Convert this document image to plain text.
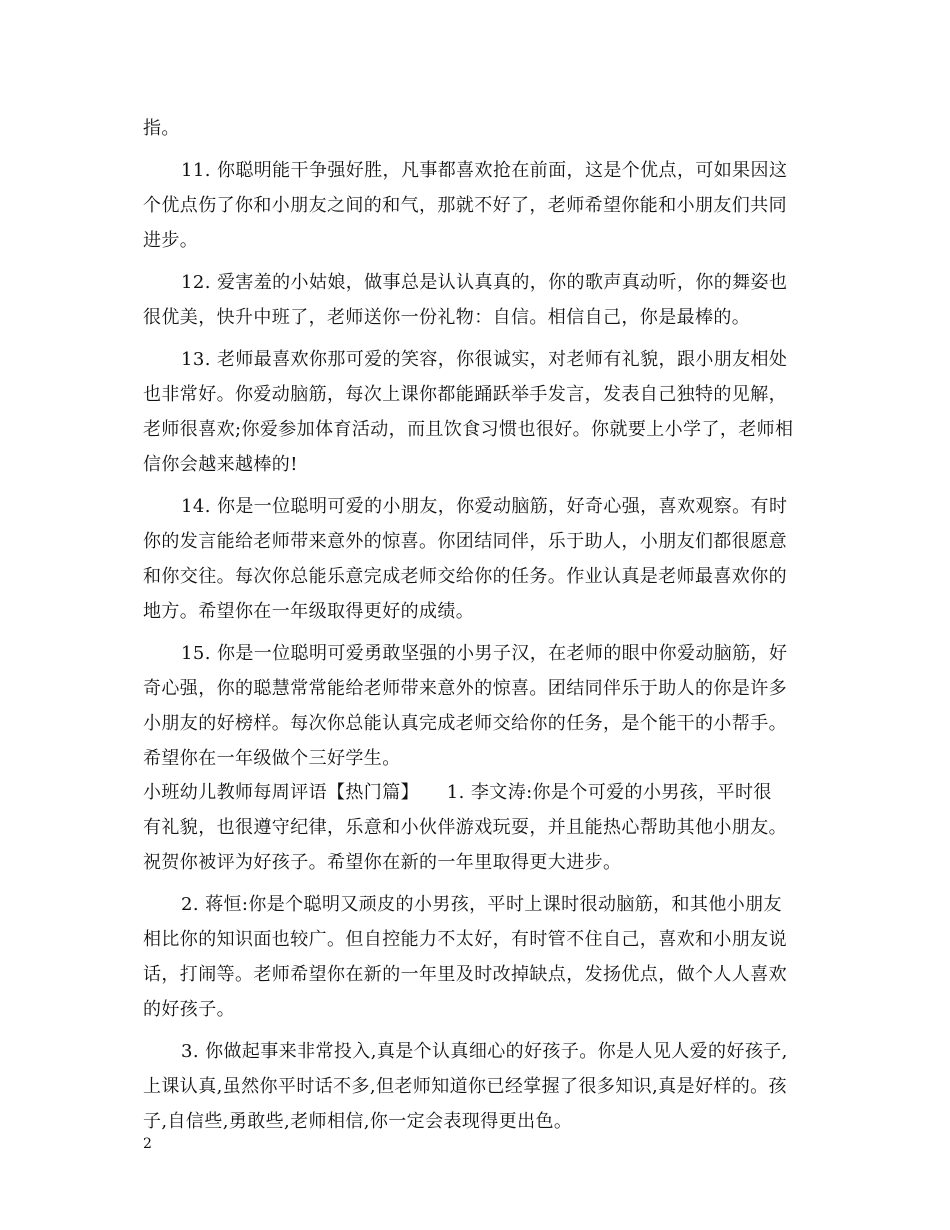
指。
11. 你聪明能干争强好胜，凡事都喜欢抢在前面，这是个优点，可如果因这
个优点伤了你和小朋友之间的和气，那就不好了，老师希望你能和小朋友们共同
进步。
12. 爱害羞的小姑娘，做事总是认认真真的，你的歌声真动听，你的舞姿也
很优美，快升中班了，老师送你一份礼物：自信。相信自己，你是最棒的。
13. 老师最喜欢你那可爱的笑容，你很诚实，对老师有礼貌，跟小朋友相处
也非常好。你爱动脑筋，每次上课你都能踊跃举手发言，发表自己独特的见解，
老师很喜欢;你爱参加体育活动，而且饮食习惯也很好。你就要上小学了，老师相
信你会越来越棒的!
14. 你是一位聪明可爱的小朋友，你爱动脑筋，好奇心强，喜欢观察。有时
你的发言能给老师带来意外的惊喜。你团结同伴，乐于助人，小朋友们都很愿意
和你交往。每次你总能乐意完成老师交给你的任务。作业认真是老师最喜欢你的
地方。希望你在一年级取得更好的成绩。
15. 你是一位聪明可爱勇敢坚强的小男子汉，在老师的眼中你爱动脑筋，好
奇心强，你的聪慧常常能给老师带来意外的惊喜。团结同伴乐于助人的你是许多
小朋友的好榜样。每次你总能认真完成老师交给你的任务，是个能干的小帮手。
希望你在一年级做个三好学生。
小班幼儿教师每周评语【热门篇】　　1. 李文涛:你是个可爱的小男孩，平时很
有礼貌，也很遵守纪律，乐意和小伙伴游戏玩耍，并且能热心帮助其他小朋友。
祝贺你被评为好孩子。希望你在新的一年里取得更大进步。
2. 蒋恒:你是个聪明又顽皮的小男孩，平时上课时很动脑筋，和其他小朋友
相比你的知识面也较广。但自控能力不太好，有时管不住自己，喜欢和小朋友说
话，打闹等。老师希望你在新的一年里及时改掉缺点，发扬优点，做个人人喜欢
的好孩子。
3. 你做起事来非常投入,真是个认真细心的好孩子。你是人见人爱的好孩子,
上课认真,虽然你平时话不多,但老师知道你已经掌握了很多知识,真是好样的。孩
子,自信些,勇敢些,老师相信,你一定会表现得更出色。
2
